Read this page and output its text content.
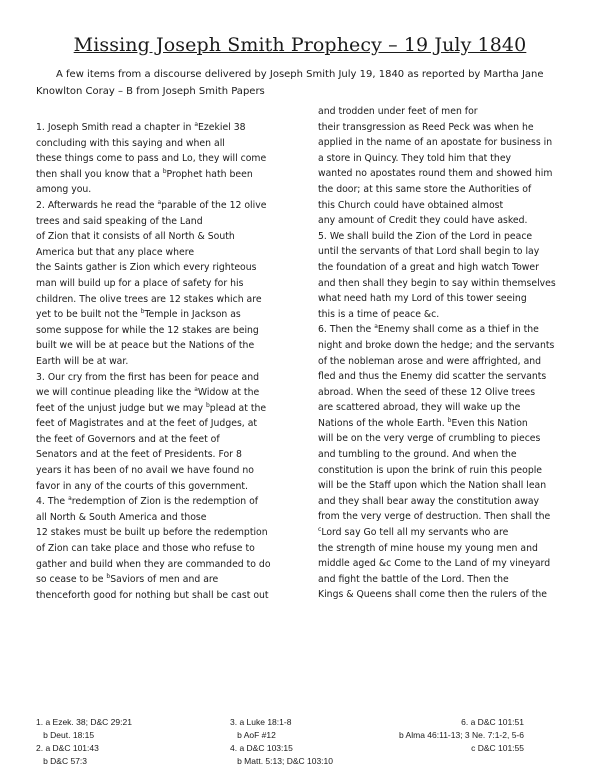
Missing Joseph Smith Prophecy – 19 July 1840
A few items from a discourse delivered by Joseph Smith July 19, 1840 as reported by Martha Jane Knowlton Coray – B from Joseph Smith Papers
1. Joseph Smith read a chapter in $^a$Ezekiel 38
concluding with this saying and when all
these things come to pass and Lo, they will come
then shall you know that a $^b$Prophet hath been
among you.
2. Afterwards he read the $^a$parable of the 12 olive
trees and said speaking of the Land
of Zion that it consists of all North & South
America but that any place where
the Saints gather is Zion which every righteous
man will build up for a place of safety for his
children. The olive trees are 12 stakes which are
yet to be built not the $^b$Temple in Jackson as
some suppose for while the 12 stakes are being
built we will be at peace but the Nations of the
Earth will be at war.
3. Our cry from the first has been for peace and
we will continue pleading like the $^a$Widow at the
feet of the unjust judge but we may $^b$plead at the
feet of Magistrates and at the feet of Judges, at
the feet of Governors and at the feet of
Senators and at the feet of Presidents. For 8
years it has been of no avail we have found no
favor in any of the courts of this government.
4. The $^a$redemption of Zion is the redemption of
all North & South America and those
12 stakes must be built up before the redemption
of Zion can take place and those who refuse to
gather and build when they are commanded to do
so cease to be $^b$Saviors of men and are
thenceforth good for nothing but shall be cast out
and trodden under feet of men for
their transgression as Reed Peck was when he
applied in the name of an apostate for business in
a store in Quincy. They told him that they
wanted no apostates round them and showed him
the door; at this same store the Authorities of
this Church could have obtained almost
any amount of Credit they could have asked.
5. We shall build the Zion of the Lord in peace
until the servants of that Lord shall begin to lay
the foundation of a great and high watch Tower
and then shall they begin to say within themselves
what need hath my Lord of this tower seeing
this is a time of peace &c.
6. Then the $^a$Enemy shall come as a thief in the
night and broke down the hedge; and the servants
of the nobleman arose and were affrighted, and
fled and thus the Enemy did scatter the servants
abroad. When the seed of these 12 Olive trees
are scattered abroad, they will wake up the
Nations of the whole Earth. $^b$Even this Nation
will be on the very verge of crumbling to pieces
and tumbling to the ground. And when the
constitution is upon the brink of ruin this people
will be the Staff upon which the Nation shall lean
and they shall bear away the constitution away
from the very verge of destruction. Then shall the
$^c$Lord say Go tell all my servants who are
the strength of mine house my young men and
middle aged &c Come to the Land of my vineyard
and fight the battle of the Lord. Then the
Kings & Queens shall come then the rulers of the
1. a Ezek. 38; D&C 29:21	3. a Luke 18:1-8	6. a D&C 101:51
b Deut. 18:15	b AoF #12	b Alma 46:11-13; 3 Ne. 7:1-2, 5-6
2. a D&C 101:43	4. a D&C 103:15	c D&C 101:55
b D&C 57:3	b Matt. 5:13; D&C 103:10
